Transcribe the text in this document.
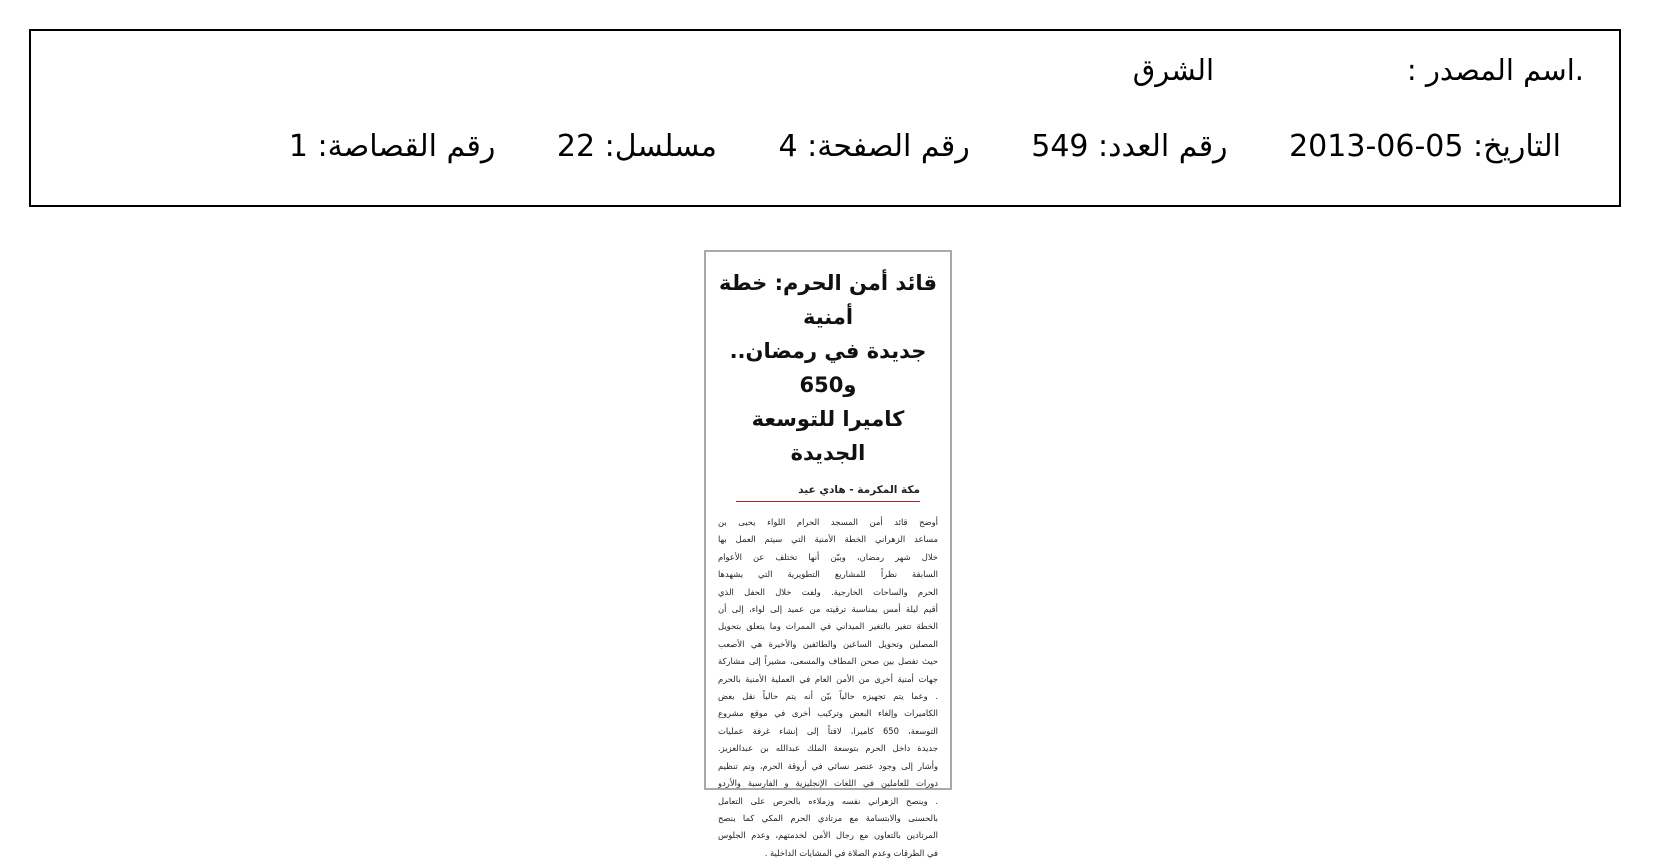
.اسم المصدر :
الشرق
التاريخ: 05-06-2013 رقم العدد: 549 رقم الصفحة: 4 مسلسل: 22 رقم القصاصة: 1
قائد أمن الحرم: خطة أمنية
جديدة في رمضان.. و650
كاميرا للتوسعة الجديدة
مكة المكرمة - هادي عيد
أوضح قائد أمن المسجد الحرام اللواء يحيى بن
مساعد الزهراني الخطة الأمنية التي سيتم العمل بها
خلال شهر رمضان، وبيّن أنها تختلف عن الأعوام
السابقة نظراً للمشاريع التطويرية التي يشهدها
الحرم والساحات الخارجية. ولفت خلال الحفل الذي
أقيم ليلة أمس بمناسبة ترقيته من عميد إلى لواء، إلى أن
الخطة تتغير بالتغير الميداني في الممرات وما يتعلق بتحويل
المصلين وتحويل الساعين والطائفين والأخيرة هي الأصعب
حيث تفصل بين صحن المطاف والمسعى، مشيراً إلى مشاركة
جهات أمنية أخرى من الأمن العام في العملية الأمنية بالحرم
. وعما يتم تجهيزه حالياً بيّن أنه يتم حالياً نقل بعض
الكاميرات وإلغاء البعض وتركيب أخرى في موقع مشروع
التوسعة، 650 كاميرا، لافتاً إلى إنشاء غرفة عمليات
جديدة داخل الحرم بتوسعة الملك عبدالله بن عبدالعزيز.
وأشار إلى وجود عنصر نسائي في أروقة الحرم، وتم تنظيم
دورات للعاملين في اللغات الإنجليزية و الفارسية والأردو
. وينصح الزهراني نفسه وزملاءه بالحرص على التعامل
بالحسنى والابتسامة مع مرتادي الحرم المكي كما ينصح
المرتادين بالتعاون مع رجال الأمن لخدمتهم، وعدم الجلوس
في الطرقات وعدم الصلاة في المشايات الداخلية .
